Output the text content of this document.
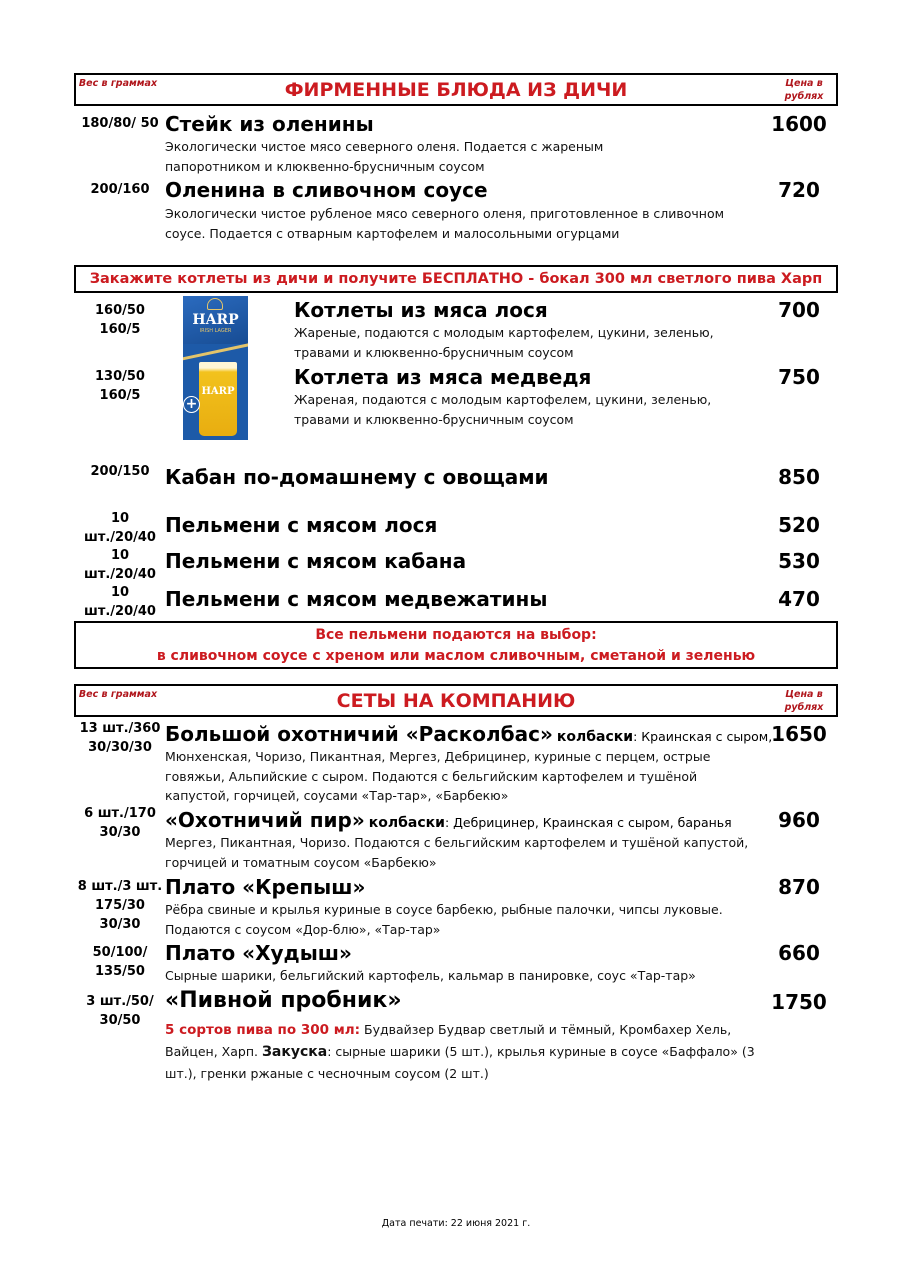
Вес в граммах	ФИРМЕННЫЕ БЛЮДА ИЗ ДИЧИ	Цена в рублях
180/80/ 50 Стейк из оленины
Экологически чистое мясо северного оленя. Подается с жареным папоротником и клюквенно-брусничным соусом
1600
200/160 Оленина в сливочном соусе
Экологически чистое рубленое мясо северного оленя, приготовленное в сливочном соусе. Подается с отварным картофелем и малосольными огурцами
720
Закажите котлеты из дичи и получите БЕСПЛАТНО - бокал 300 мл светлого пива Харп
HARP
IRISH LAGER
HARP
+
160/50 160/5
Котлеты из мяса лося
Жареные, подаются с молодым картофелем, цукини, зеленью, травами и клюквенно-брусничным соусом
700
130/50 160/5
Котлета из мяса медведя
Жареная, подаются с молодым картофелем, цукини, зеленью, травами и клюквенно-брусничным соусом
750
200/150 Кабан по-домашнему с овощами	850
10 шт./20/40
Пельмени с мясом лося	520
10 шт./20/40
Пельмени с мясом кабана	530
10 шт./20/40
Пельмени с мясом медвежатины	470
Все пельмени подаются на выбор:
в сливочном соусе с хреном или маслом сливочным, сметаной и зеленью
Вес в граммах	СЕТЫ НА КОМПАНИЮ	Цена в рублях
13 шт./360 30/30/30
Большой охотничий «Расколбас» колбаски: Краинская с сыром,
Мюнхенская, Чоризо, Пикантная, Мергез, Дебрицинер, куриные с перцем, острые говяжьи, Альпийские с сыром. Подаются с бельгийским картофелем и тушёной капустой, горчицей, соусами «Тар-тар», «Барбекю»
1650
6 шт./170 30/30
«Охотничий пир» колбаски: Дебрицинер, Краинская с сыром, баранья
Мергез, Пикантная, Чоризо. Подаются с бельгийским картофелем и тушёной капустой, горчицей и томатным соусом «Барбекю»
960
8 шт./3 шт. 175/30 30/30
Плато «Крепыш»
Рёбра свиные и крылья куриные в соусе барбекю, рыбные палочки, чипсы луковые. Подаются с соусом «Дор-блю», «Тар-тар»
870
50/100/ 135/50
Плато «Худыш»
Сырные шарики, бельгийский картофель, кальмар в панировке, соус «Тар-тар»
660
3 шт./50/ 30/50
«Пивной пробник»
5 сортов пива по 300 мл: Будвайзер Будвар светлый и тёмный, Кромбахер Хель, Вайцен, Харп. Закуска: сырные шарики (5 шт.), крылья куриные в соусе «Баффало» (3 шт.), гренки ржаные с чесночным соусом (2 шт.)
1750
Дата печати: 22 июня 2021 г.
